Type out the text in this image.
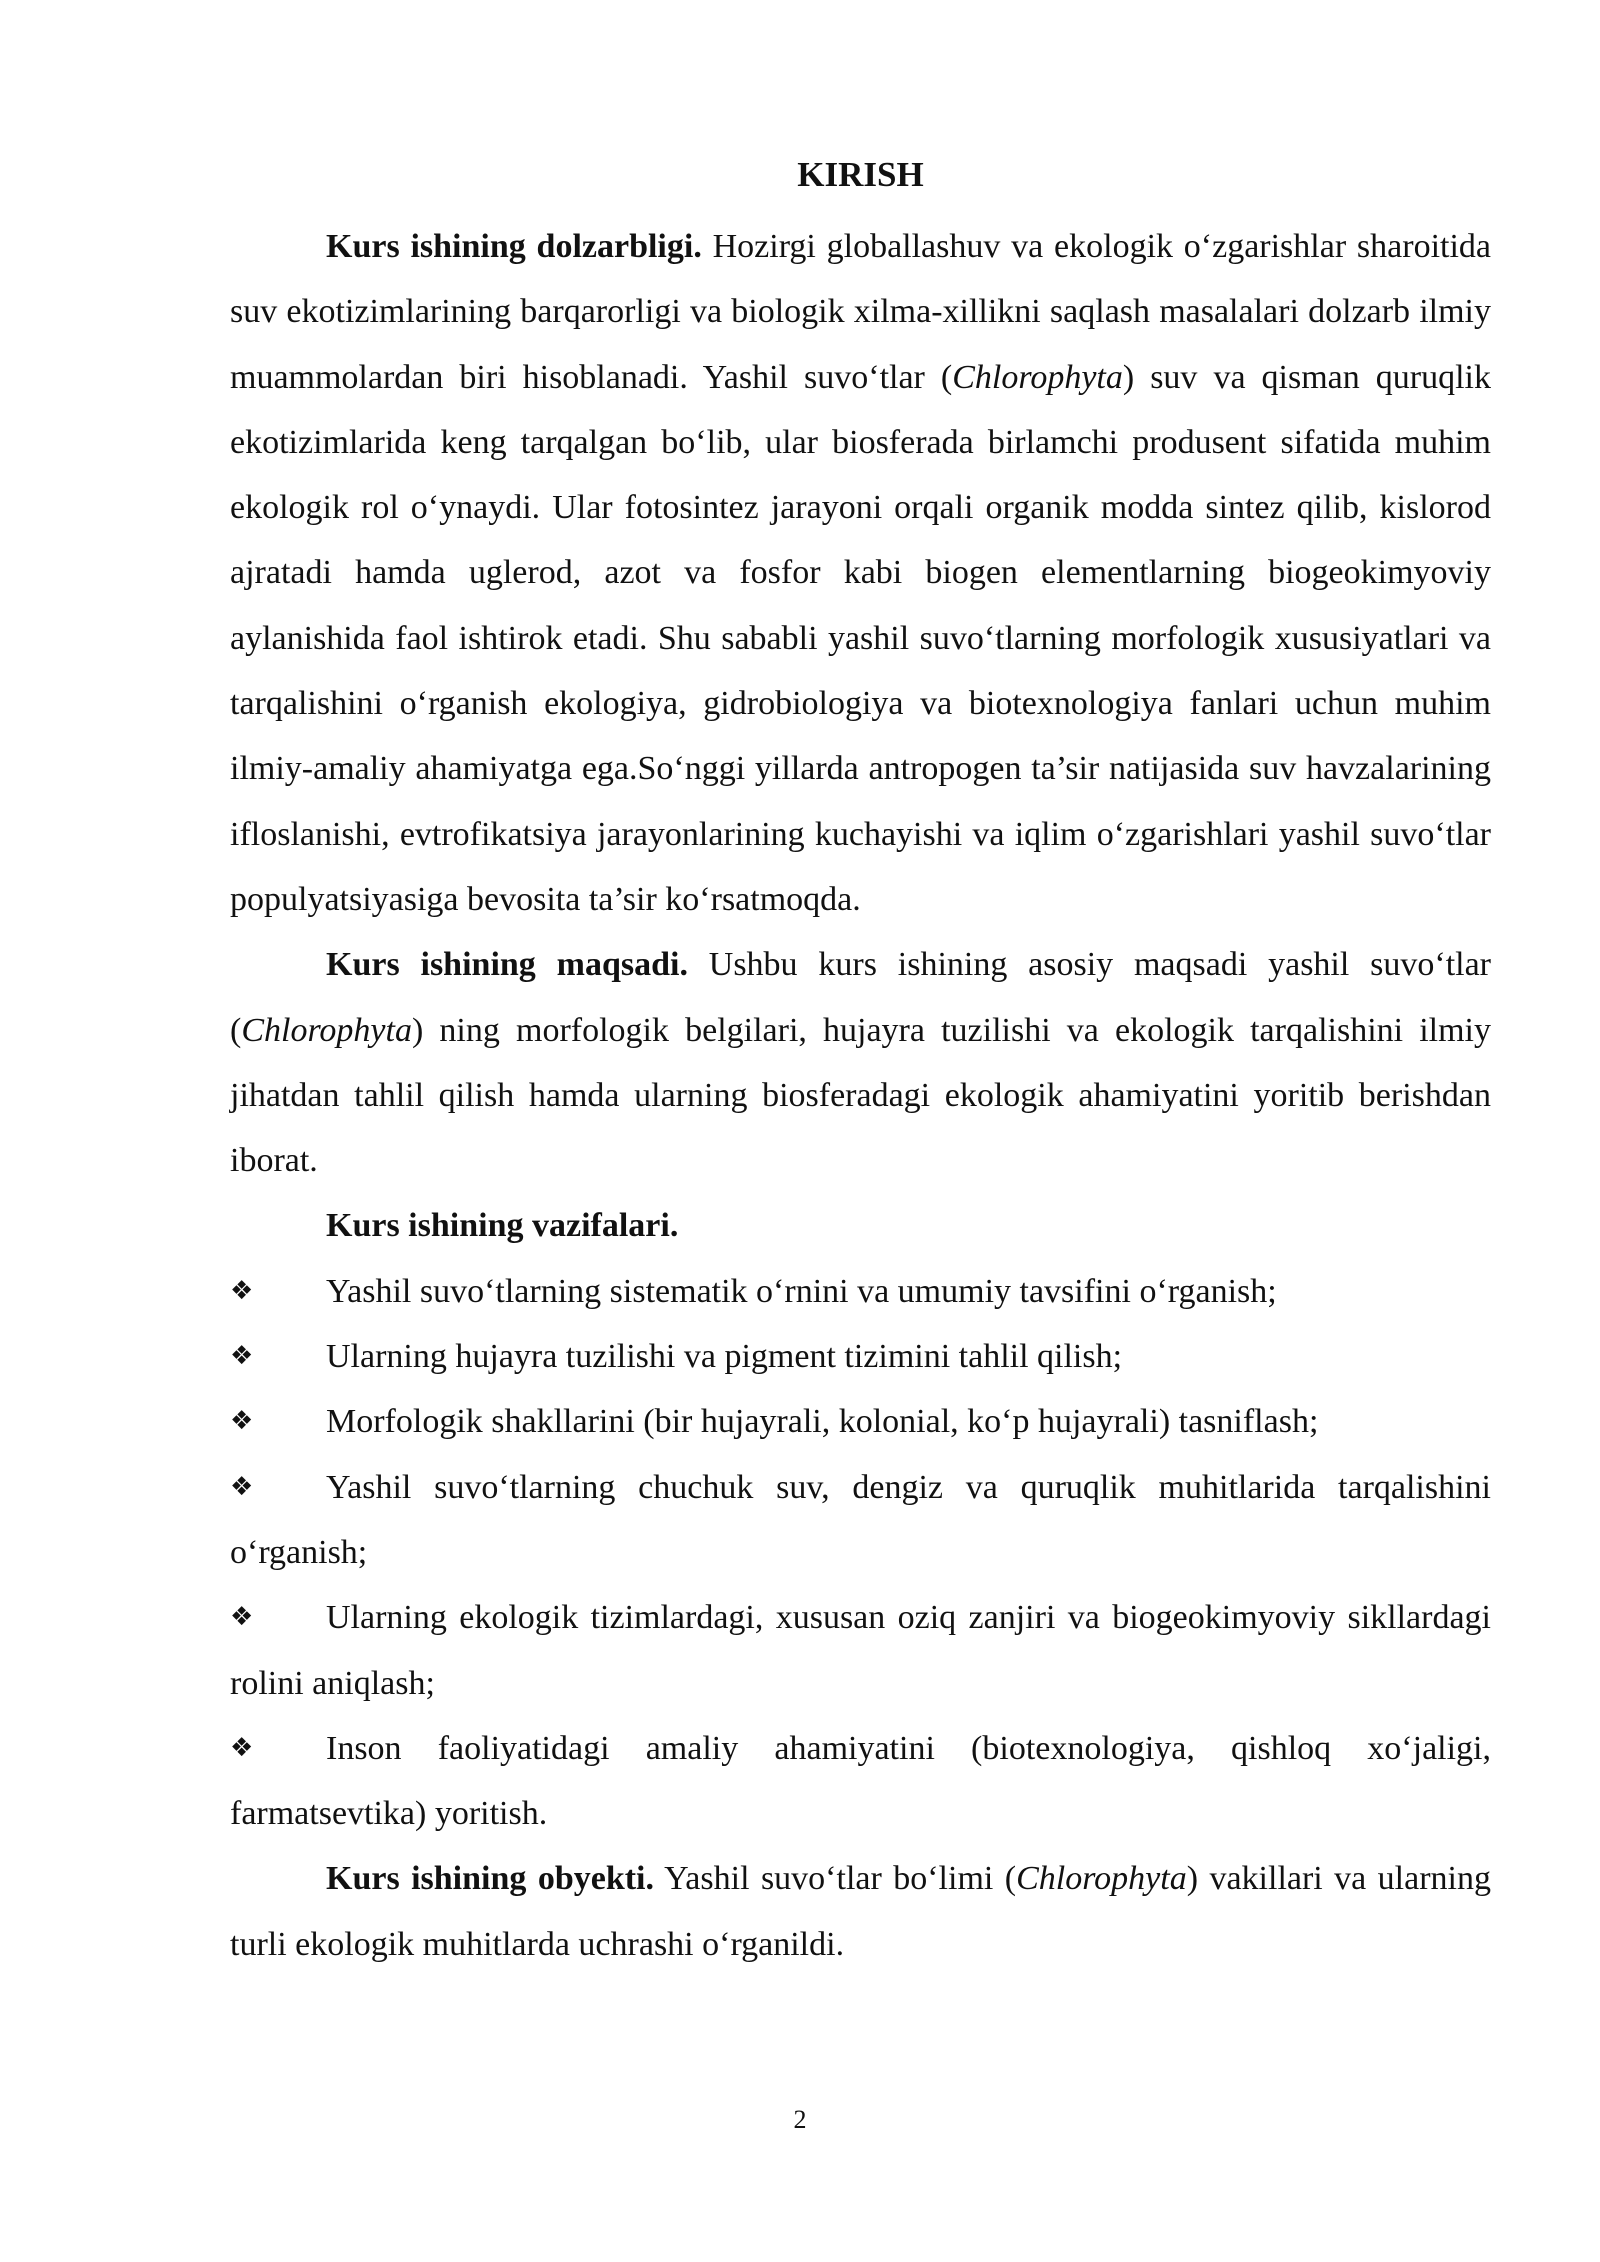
KIRISH

Kurs ishining dolzarbligi. Hozirgi globallashuv va ekologik o‘zgarishlar sharoitida suv ekotizimlarining barqarorligi va biologik xilma-xillikni saqlash masalalari dolzarb ilmiy muammolardan biri hisoblanadi. Yashil suvo‘tlar (Chlorophyta) suv va qisman quruqlik ekotizimlarida keng tarqalgan bo‘lib, ular biosferada birlamchi produsent sifatida muhim ekologik rol o‘ynaydi. Ular fotosintez jarayoni orqali organik modda sintez qilib, kislorod ajratadi hamda uglerod, azot va fosfor kabi biogen elementlarning biogeokimyoviy aylanishida faol ishtirok etadi. Shu sababli yashil suvo‘tlarning morfologik xususiyatlari va tarqalishini o‘rganish ekologiya, gidrobiologiya va biotexnologiya fanlari uchun muhim ilmiy-amaliy ahamiyatga ega.So‘nggi yillarda antropogen ta’sir natijasida suv havzalarining ifloslanishi, evtrofikatsiya jarayonlarining kuchayishi va iqlim o‘zgarishlari yashil suvo‘tlar populyatsiyasiga bevosita ta’sir ko‘rsatmoqda.

Kurs ishining maqsadi. Ushbu kurs ishining asosiy maqsadi yashil suvo‘tlar (Chlorophyta) ning morfologik belgilari, hujayra tuzilishi va ekologik tarqalishini ilmiy jihatdan tahlil qilish hamda ularning biosferadagi ekologik ahamiyatini yoritib berishdan iborat.

Kurs ishining vazifalari.

❖ Yashil suvo‘tlarning sistematik o‘rnini va umumiy tavsifini o‘rganish;

❖ Ularning hujayra tuzilishi va pigment tizimini tahlil qilish;

❖ Morfologik shakllarini (bir hujayrali, kolonial, ko‘p hujayrali) tasniflash;

❖ Yashil suvo‘tlarning chuchuk suv, dengiz va quruqlik muhitlarida tarqalishini o‘rganish;

❖ Ularning ekologik tizimlardagi, xususan oziq zanjiri va biogeokimyoviy sikllardagi rolini aniqlash;

❖ Inson faoliyatidagi amaliy ahamiyatini (biotexnologiya, qishloq xo‘jaligi, farmatsevtika) yoritish.

Kurs ishining obyekti. Yashil suvo‘tlar bo‘limi (Chlorophyta) vakillari va ularning turli ekologik muhitlarda uchrashi o‘rganildi.

2
